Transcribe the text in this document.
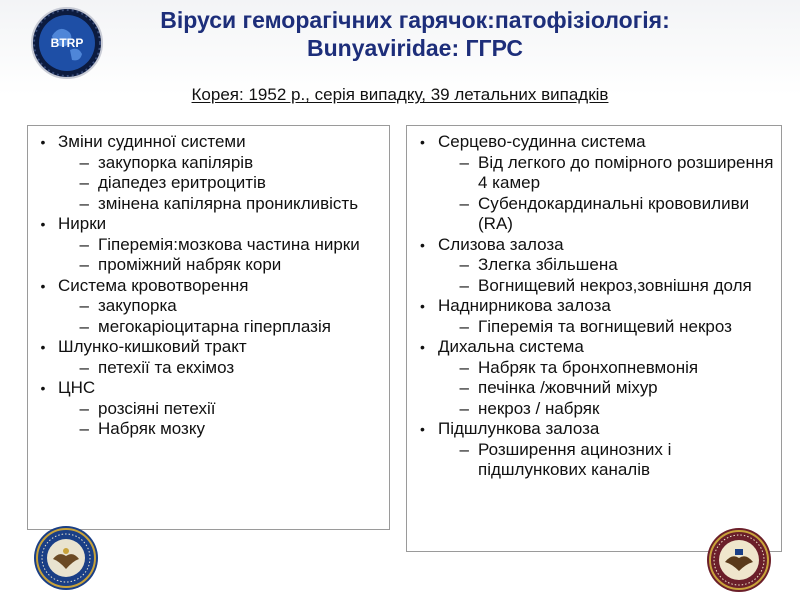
BTRP
Віруси геморагічних гарячок:патофізіологія:
Bunyaviridae: ГГРС

Корея: 1952 р., серія випадку, 39 летальних випадків

• Зміни судинної системи
– закупорка капілярів
– діапедез еритроцитів
– змінена капілярна проникливість
• Нирки
– Гіперемія:мозкова частина нирки
– проміжний набряк кори
• Система кровотворення
– закупорка
– мегокаріоцитарна гіперплазія
• Шлунко-кишковий тракт
– петехії та екхімоз
• ЦНС
– розсіяні петехії
– Набряк мозку
• Серцево-судинна система
– Від легкого до помірного розширення 4 камер
– Субендокардинальні крововиливи (RA)
• Слизова залоза
– Злегка збільшена
– Вогнищевий некроз,зовнішня доля
• Наднирникова залоза
– Гіперемія та вогнищевий некроз
• Дихальна система
– Набряк та бронхопневмонія
– печінка /жовчний міхур
– некроз / набряк
• Підшлункова залоза
– Розширення ацинозних і підшлункових каналів
